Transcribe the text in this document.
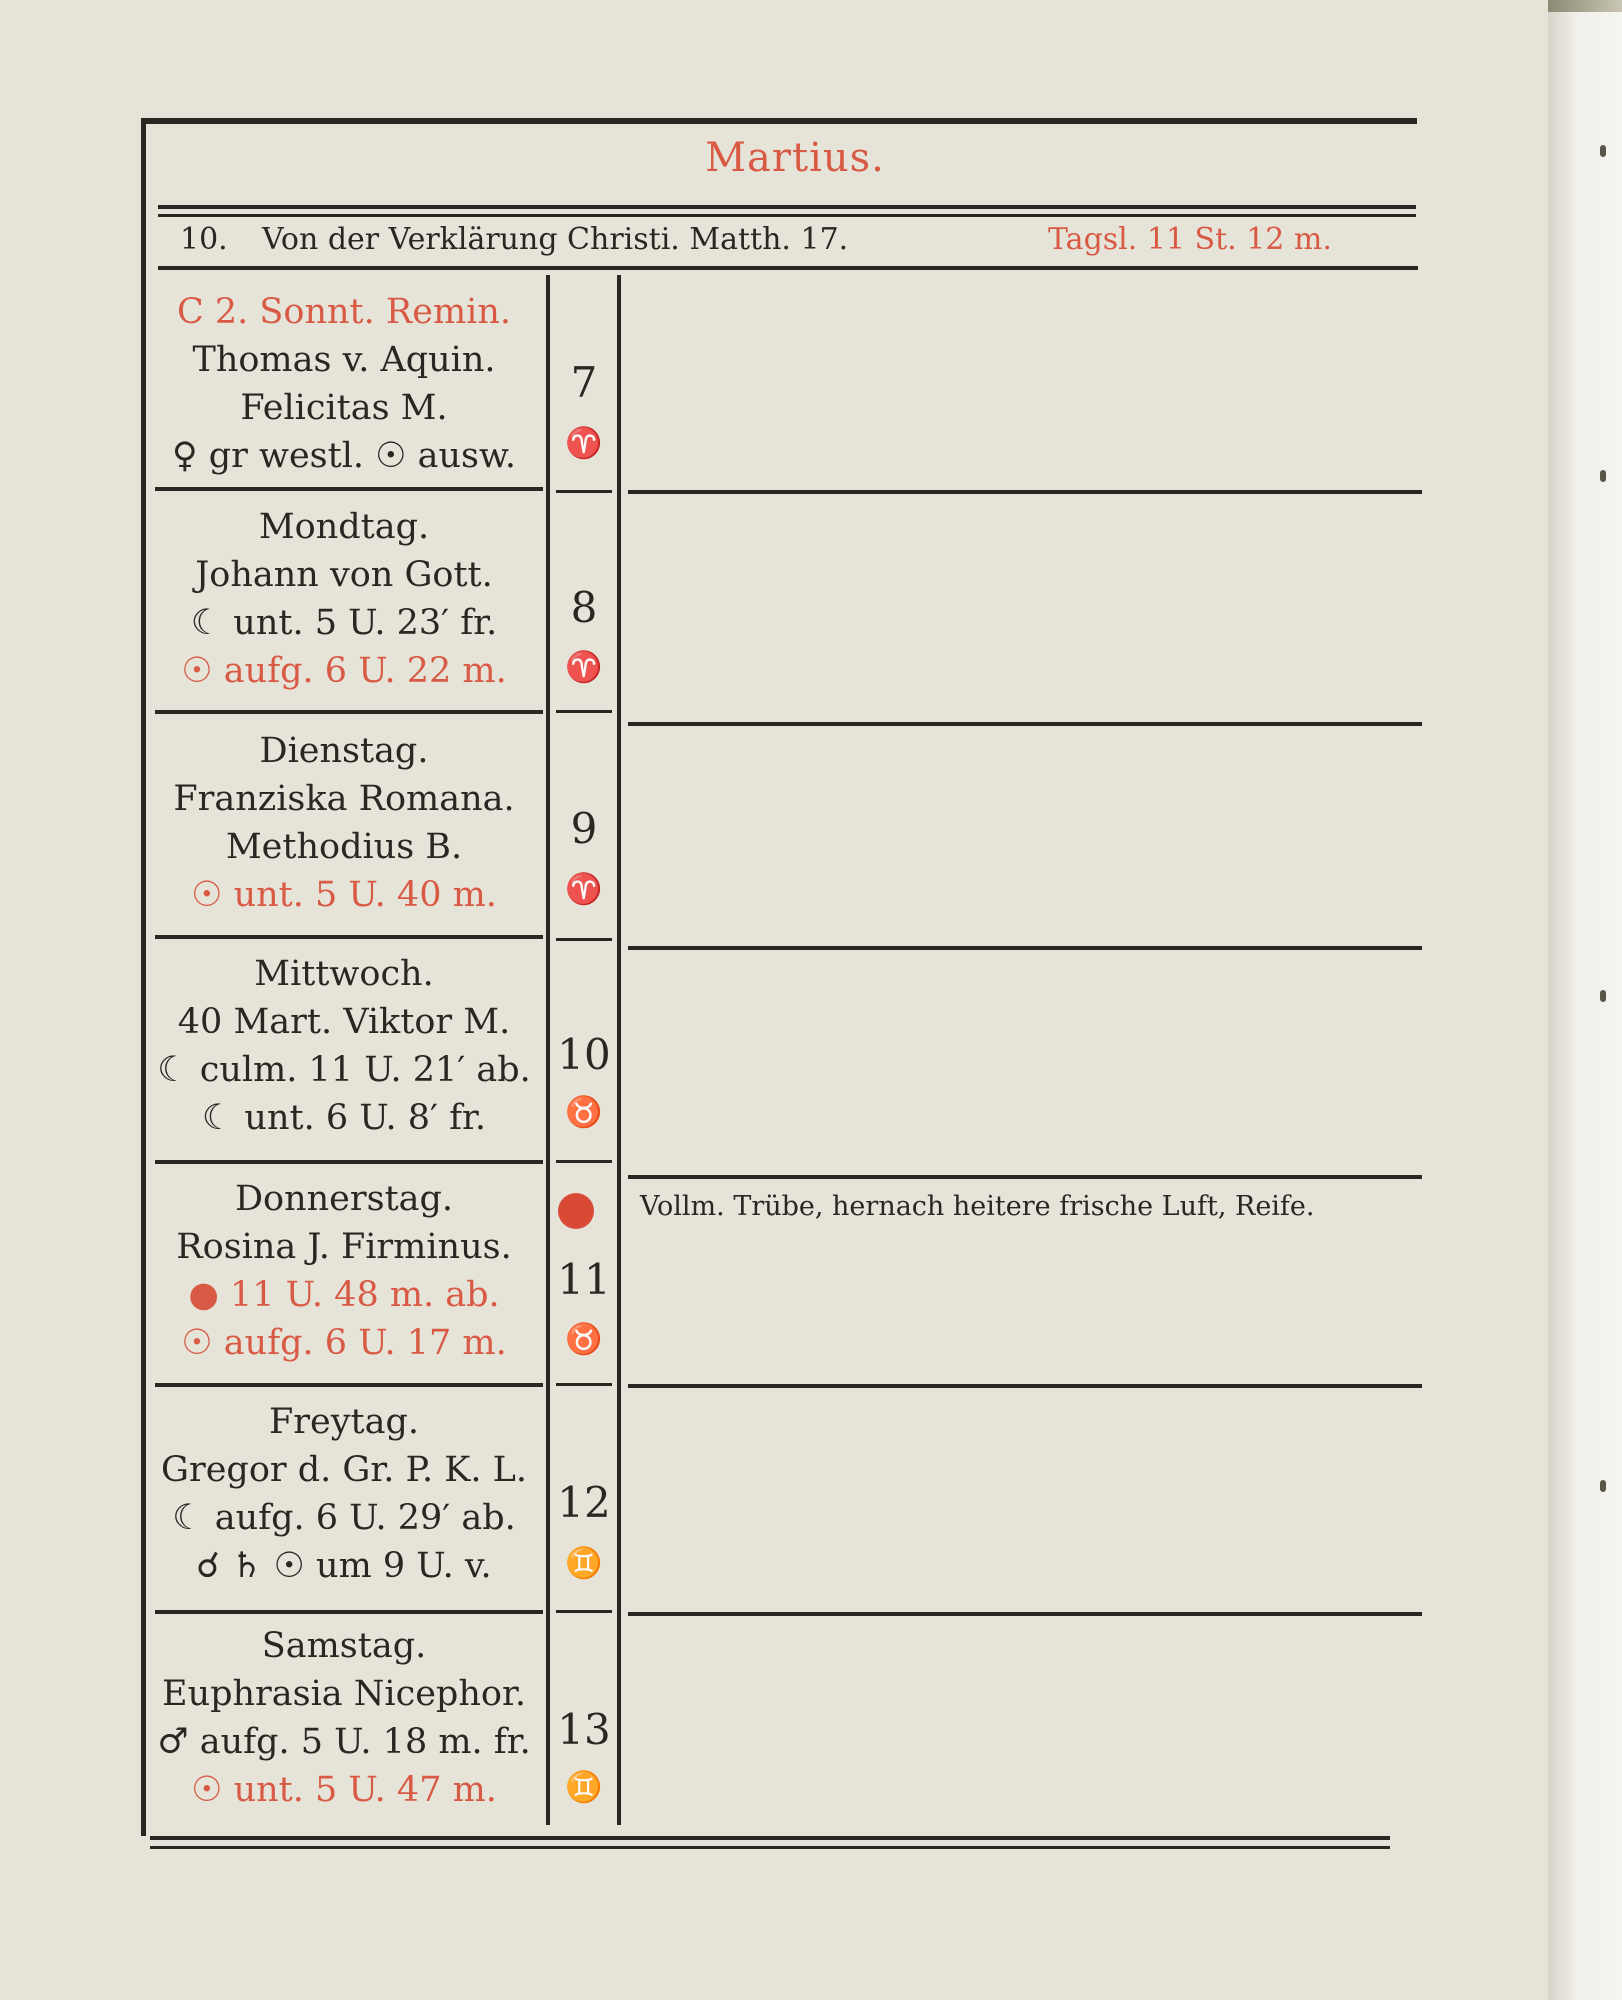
Martius.
10. Von der Verklärung Christi. Matth. 17.	Tagsl. 11 St. 12 m.
C 2. Sonnt. Remin.
Thomas v. Aquin.
Felicitas M.
♀ gr westl. ☉ ausw.
7
♈
Mondtag.
Johann von Gott.
☾ unt. 5 U. 23′ fr.
☉ aufg. 6 U. 22 m.
8
♈
Dienstag.
Franziska Romana.
Methodius B.
☉ unt. 5 U. 40 m.
9
♈
Mittwoch.
40 Mart. Viktor M.
☾ culm. 11 U. 21′ ab.
☾ unt. 6 U. 8′ fr.
10
♉
Donnerstag.
Rosina J. Firminus.
● 11 U. 48 m. ab.
☉ aufg. 6 U. 17 m.
11
♉
Freytag.
Gregor d. Gr. P. K. L.
☾ aufg. 6 U. 29′ ab.
☌ ♄ ☉ um 9 U. v.
12
♊
Samstag.
Euphrasia Nicephor.
♂ aufg. 5 U. 18 m. fr.
☉ unt. 5 U. 47 m.
13
♊
Vollm. Trübe, hernach heitere frische Luft, Reife.
